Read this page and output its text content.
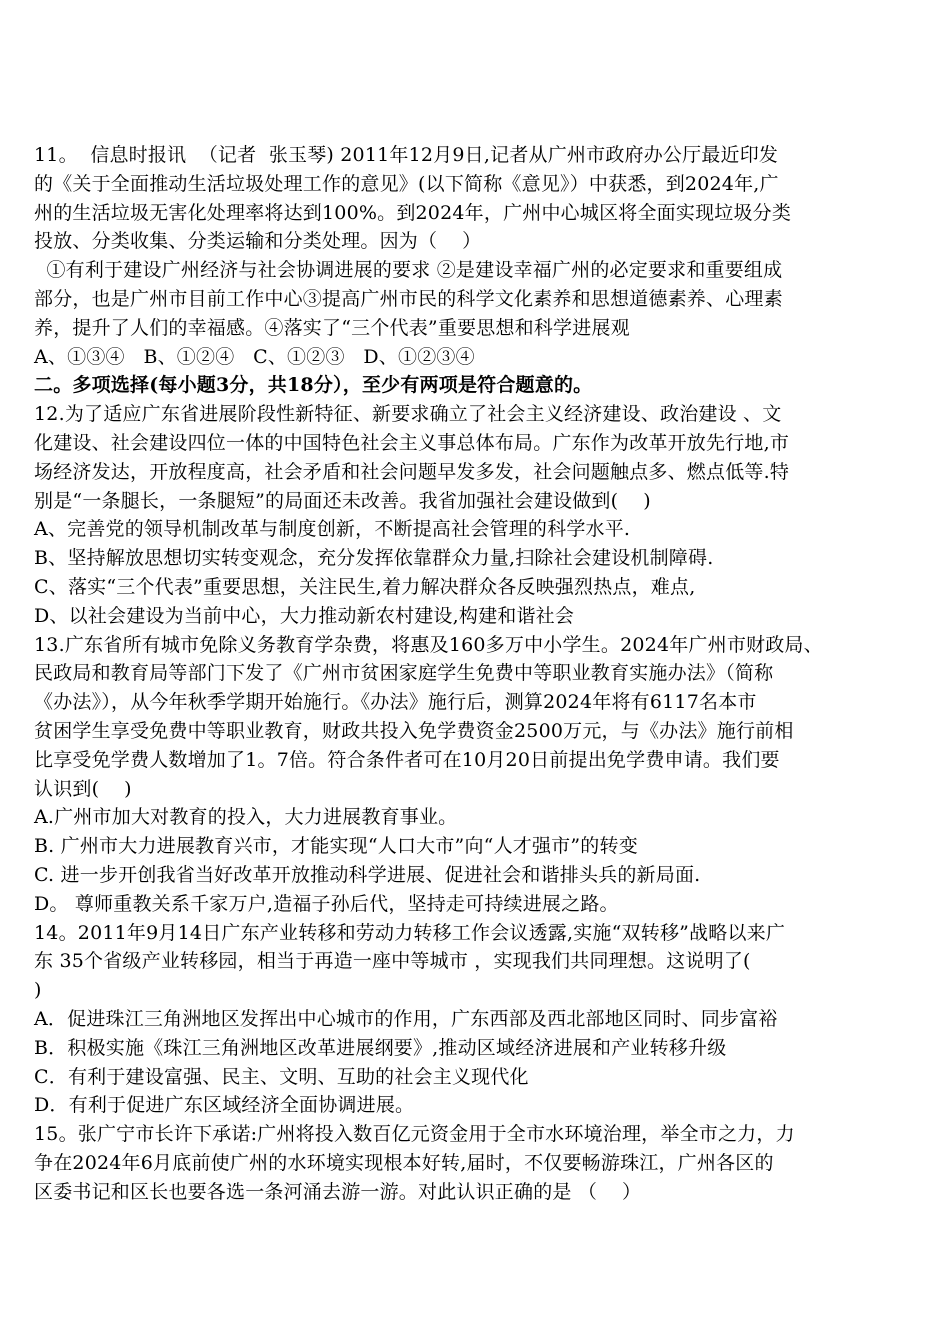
11。  信息时报讯  （记者  张玉琴) 2011年12月9日,记者从广州市政府办公厅最近印发
的《关于全面推动生活垃圾处理工作的意见》(以下简称《意见》）中获悉，到2024年,广
州的生活垃圾无害化处理率将达到100%。到2024年，广州中心城区将全面实现垃圾分类
投放、分类收集、分类运输和分类处理。因为（    ）
①有利于建设广州经济与社会协调进展的要求 ②是建设幸福广州的必定要求和重要组成
部分，也是广州市目前工作中心③提高广州市民的科学文化素养和思想道德素养、心理素
养，提升了人们的幸福感。④落实了“三个代表”重要思想和科学进展观
A、①③④   B、①②④   C、①②③   D、①②③④
二。多项选择(每小题3分，共18分），至少有两项是符合题意的。
12.为了适应广东省进展阶段性新特征、新要求确立了社会主义经济建设、政治建设 、文
化建设、社会建设四位一体的中国特色社会主义事总体布局。广东作为改革开放先行地,市
场经济发达，开放程度高，社会矛盾和社会问题早发多发，社会问题触点多、燃点低等.特
别是“一条腿长，一条腿短”的局面还未改善。我省加强社会建设做到(    )
A、完善党的领导机制改革与制度创新，不断提高社会管理的科学水平.
B、坚持解放思想切实转变观念，充分发挥依靠群众力量,扫除社会建设机制障碍.
C、落实“三个代表”重要思想，关注民生,着力解决群众各反映强烈热点，难点,
D、以社会建设为当前中心，大力推动新农村建设,构建和谐社会
13.广东省所有城市免除义务教育学杂费，将惠及160多万中小学生。2024年广州市财政局、
民政局和教育局等部门下发了《广州市贫困家庭学生免费中等职业教育实施办法》（简称
《办法》），从今年秋季学期开始施行。《办法》施行后，测算2024年将有6117名本市
贫困学生享受免费中等职业教育，财政共投入免学费资金2500万元，与《办法》施行前相
比享受免学费人数增加了1。7倍。符合条件者可在10月20日前提出免学费申请。我们要
认识到(    )
A.广州市加大对教育的投入，大力进展教育事业。
B. 广州市大力进展教育兴市，才能实现“人口大市”向“人才强市”的转变
C. 进一步开创我省当好改革开放推动科学进展、促进社会和谐排头兵的新局面.
D。 尊师重教关系千家万户,造福子孙后代，坚持走可持续进展之路。
14。2011年9月14日广东产业转移和劳动力转移工作会议透露,实施“双转移”战略以来广
东 35个省级产业转移园，相当于再造一座中等城市 ，实现我们共同理想。这说明了(
)
A．促进珠江三角洲地区发挥出中心城市的作用，广东西部及西北部地区同时、同步富裕
B．积极实施《珠江三角洲地区改革进展纲要》,推动区域经济进展和产业转移升级
C．有利于建设富强、民主、文明、互助的社会主义现代化
D．有利于促进广东区域经济全面协调进展。
15。张广宁市长许下承诺:广州将投入数百亿元资金用于全市水环境治理，举全市之力，力
争在2024年6月底前使广州的水环境实现根本好转,届时，不仅要畅游珠江，广州各区的
区委书记和区长也要各选一条河涌去游一游。对此认识正确的是 （    ）
